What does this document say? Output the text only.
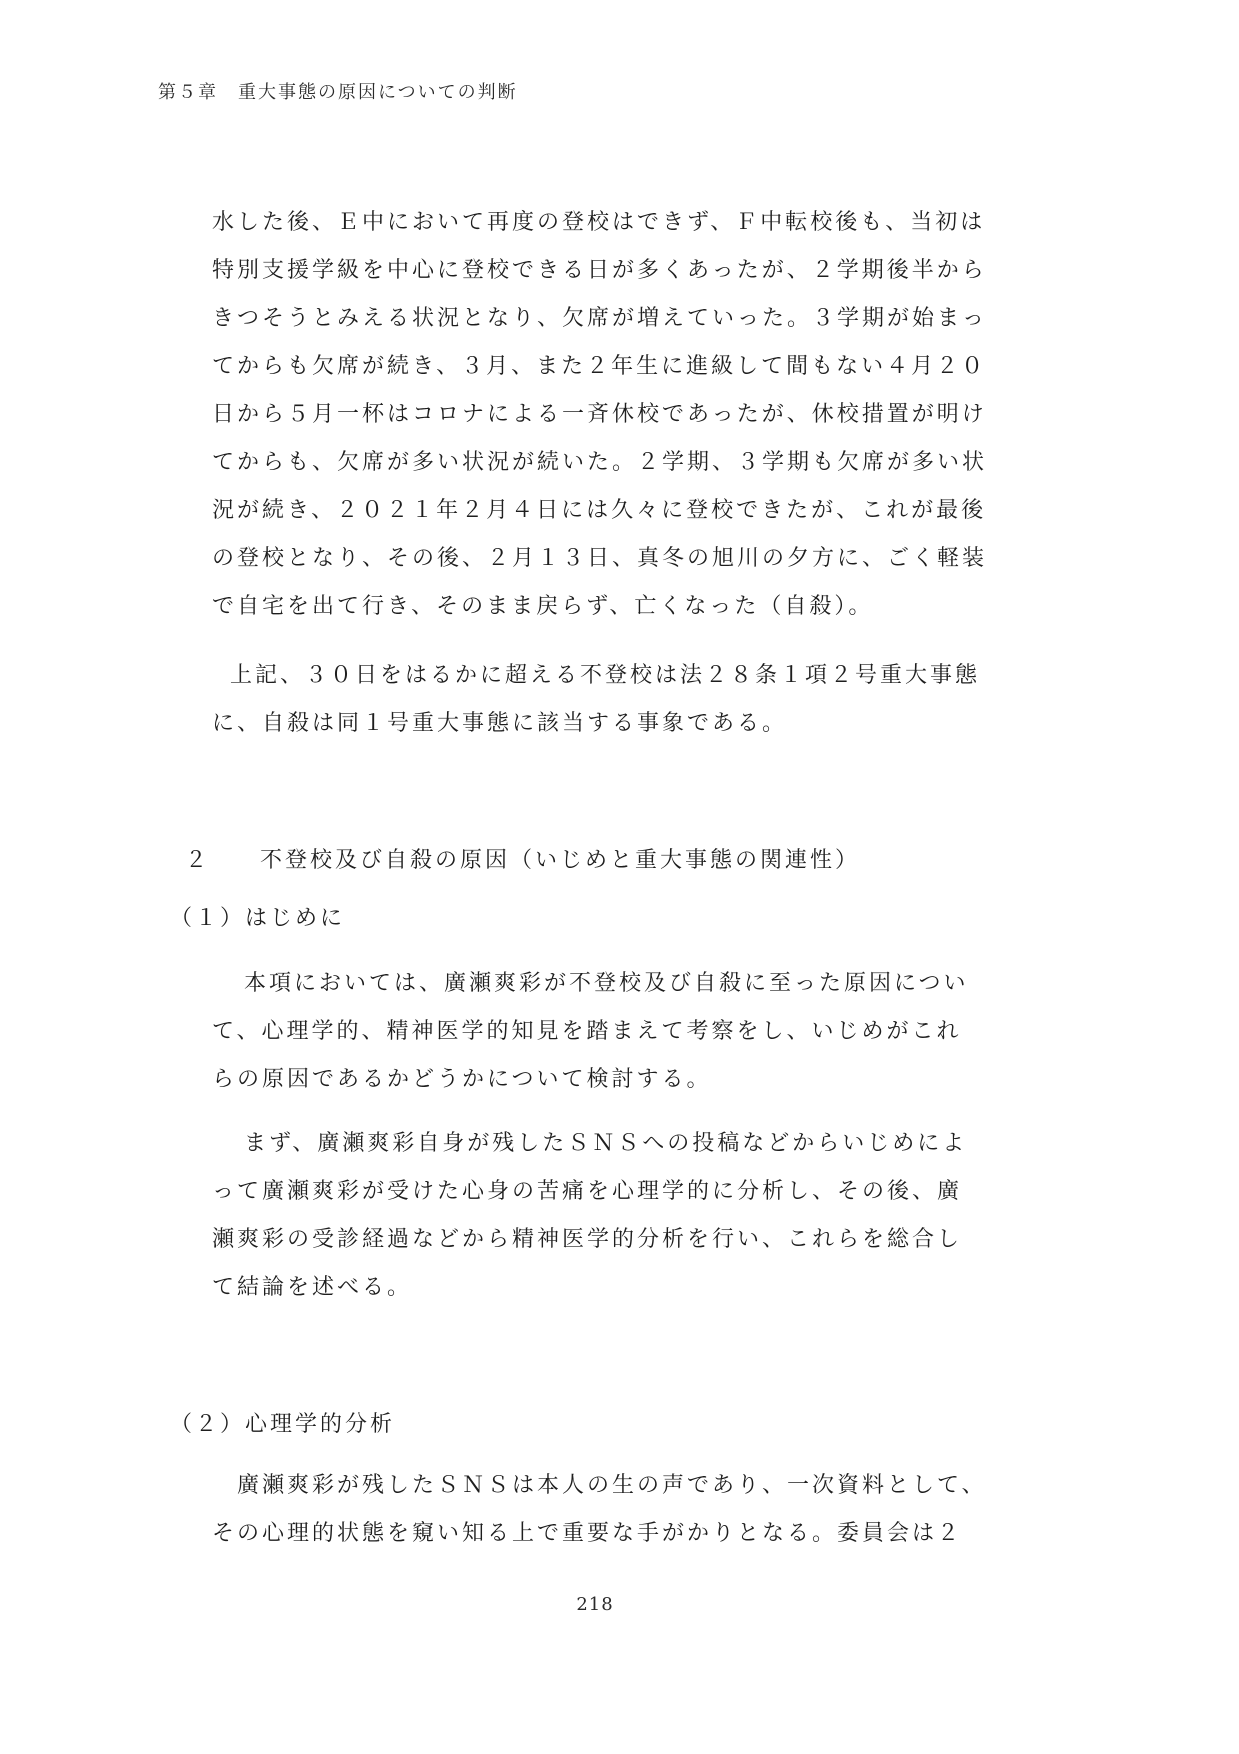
第５章　重大事態の原因についての判断
水した後、Ｅ中において再度の登校はできず、Ｆ中転校後も、当初は
特別支援学級を中心に登校できる日が多くあったが、２学期後半から
きつそうとみえる状況となり、欠席が増えていった。３学期が始まっ
てからも欠席が続き、３月、また２年生に進級して間もない４月２０
日から５月一杯はコロナによる一斉休校であったが、休校措置が明け
てからも、欠席が多い状況が続いた。２学期、３学期も欠席が多い状
況が続き、２０２１年２月４日には久々に登校できたが、これが最後
の登校となり、その後、２月１３日、真冬の旭川の夕方に、ごく軽装
で自宅を出て行き、そのまま戻らず、亡くなった（自殺）。
上記、３０日をはるかに超える不登校は法２８条１項２号重大事態
に、自殺は同１号重大事態に該当する事象である。
２　　不登校及び自殺の原因（いじめと重大事態の関連性）
（１）はじめに
本項においては、廣瀬爽彩が不登校及び自殺に至った原因につい
て、心理学的、精神医学的知見を踏まえて考察をし、いじめがこれ
らの原因であるかどうかについて検討する。
まず、廣瀬爽彩自身が残したＳＮＳへの投稿などからいじめによ
って廣瀬爽彩が受けた心身の苦痛を心理学的に分析し、その後、廣
瀬爽彩の受診経過などから精神医学的分析を行い、これらを総合し
て結論を述べる。
（２）心理学的分析
廣瀬爽彩が残したＳＮＳは本人の生の声であり、一次資料として、
その心理的状態を窺い知る上で重要な手がかりとなる。委員会は２
218
